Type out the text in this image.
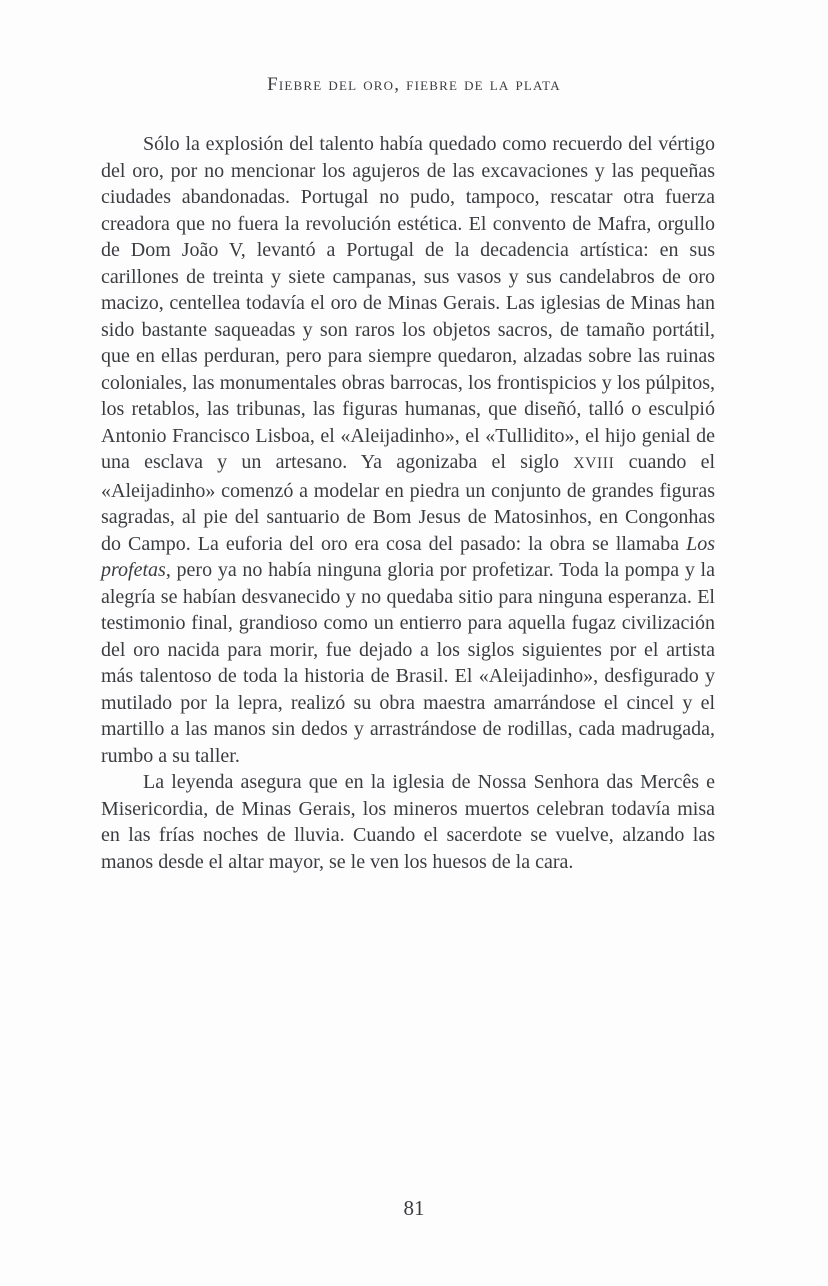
Fiebre del oro, fiebre de la plata

Sólo la explosión del talento había quedado como recuerdo del vértigo del oro, por no mencionar los agujeros de las excavaciones y las pequeñas ciudades abandonadas. Portugal no pudo, tampoco, rescatar otra fuerza creadora que no fuera la revolución estética. El convento de Mafra, orgullo de Dom João V, levantó a Portugal de la decadencia artística: en sus carillones de treinta y siete campanas, sus vasos y sus candelabros de oro macizo, centellea todavía el oro de Minas Gerais. Las iglesias de Minas han sido bastante saqueadas y son raros los objetos sacros, de tamaño portátil, que en ellas perduran, pero para siempre quedaron, alzadas sobre las ruinas coloniales, las monumentales obras barrocas, los frontispicios y los púlpitos, los retablos, las tribunas, las figuras humanas, que diseñó, talló o esculpió Antonio Francisco Lisboa, el «Aleijadinho», el «Tullidito», el hijo genial de una esclava y un artesano. Ya agonizaba el siglo XVIII cuando el «Aleijadinho» comenzó a modelar en piedra un conjunto de grandes figuras sagradas, al pie del santuario de Bom Jesus de Matosinhos, en Congonhas do Campo. La euforia del oro era cosa del pasado: la obra se llamaba Los profetas, pero ya no había ninguna gloria por profetizar. Toda la pompa y la alegría se habían desvanecido y no quedaba sitio para ninguna esperanza. El testimonio final, grandioso como un entierro para aquella fugaz civilización del oro nacida para morir, fue dejado a los siglos siguientes por el artista más talentoso de toda la historia de Brasil. El «Aleijadinho», desfigurado y mutilado por la lepra, realizó su obra maestra amarrándose el cincel y el martillo a las manos sin dedos y arrastrándose de rodillas, cada madrugada, rumbo a su taller.

La leyenda asegura que en la iglesia de Nossa Senhora das Mercês e Misericordia, de Minas Gerais, los mineros muertos celebran todavía misa en las frías noches de lluvia. Cuando el sacerdote se vuelve, alzando las manos desde el altar mayor, se le ven los huesos de la cara.

81
